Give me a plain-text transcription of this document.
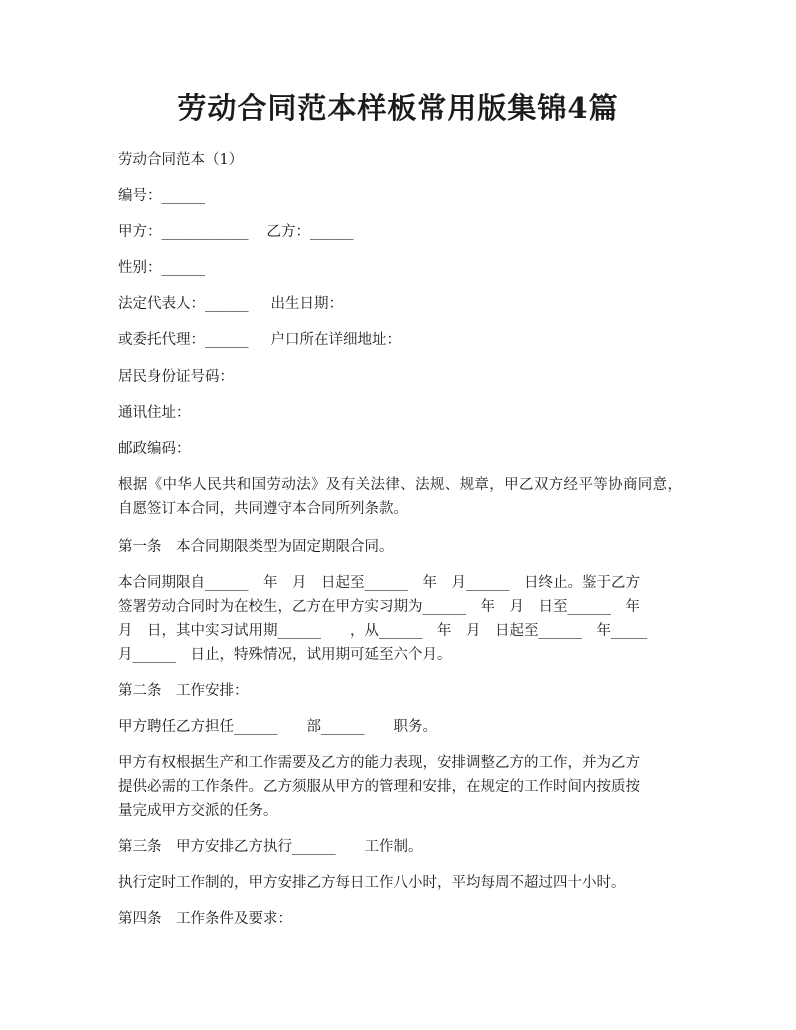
劳动合同范本样板常用版集锦4篇
劳动合同范本（1）
编号：______
甲方：____________ 乙方：______
性别：______
法定代表人：______ 出生日期：
或委托代理：______ 户口所在详细地址：
居民身份证号码：
通讯住址：
邮政编码：
根据《中华人民共和国劳动法》及有关法律、法规、规章，甲乙双方经平等协商同意，自愿签订本合同，共同遵守本合同所列条款。
第一条　本合同期限类型为固定期限合同。
本合同期限自______　年　月　日起至______　年　月______　日终止。鉴于乙方
签署劳动合同时为在校生，乙方在甲方实习期为______　年　月　日至______　年
月　日，其中实习试用期______　　，从______　年　月　日起至______　年_____
月______　日止，特殊情况，试用期可延至六个月。
第二条　工作安排：
甲方聘任乙方担任______　　部______　　职务。
甲方有权根据生产和工作需要及乙方的能力表现，安排调整乙方的工作，并为乙方
提供必需的工作条件。乙方须服从甲方的管理和安排，在规定的工作时间内按质按
量完成甲方交派的任务。
第三条　甲方安排乙方执行______　　工作制。
执行定时工作制的，甲方安排乙方每日工作八小时，平均每周不超过四十小时。
第四条　工作条件及要求：
